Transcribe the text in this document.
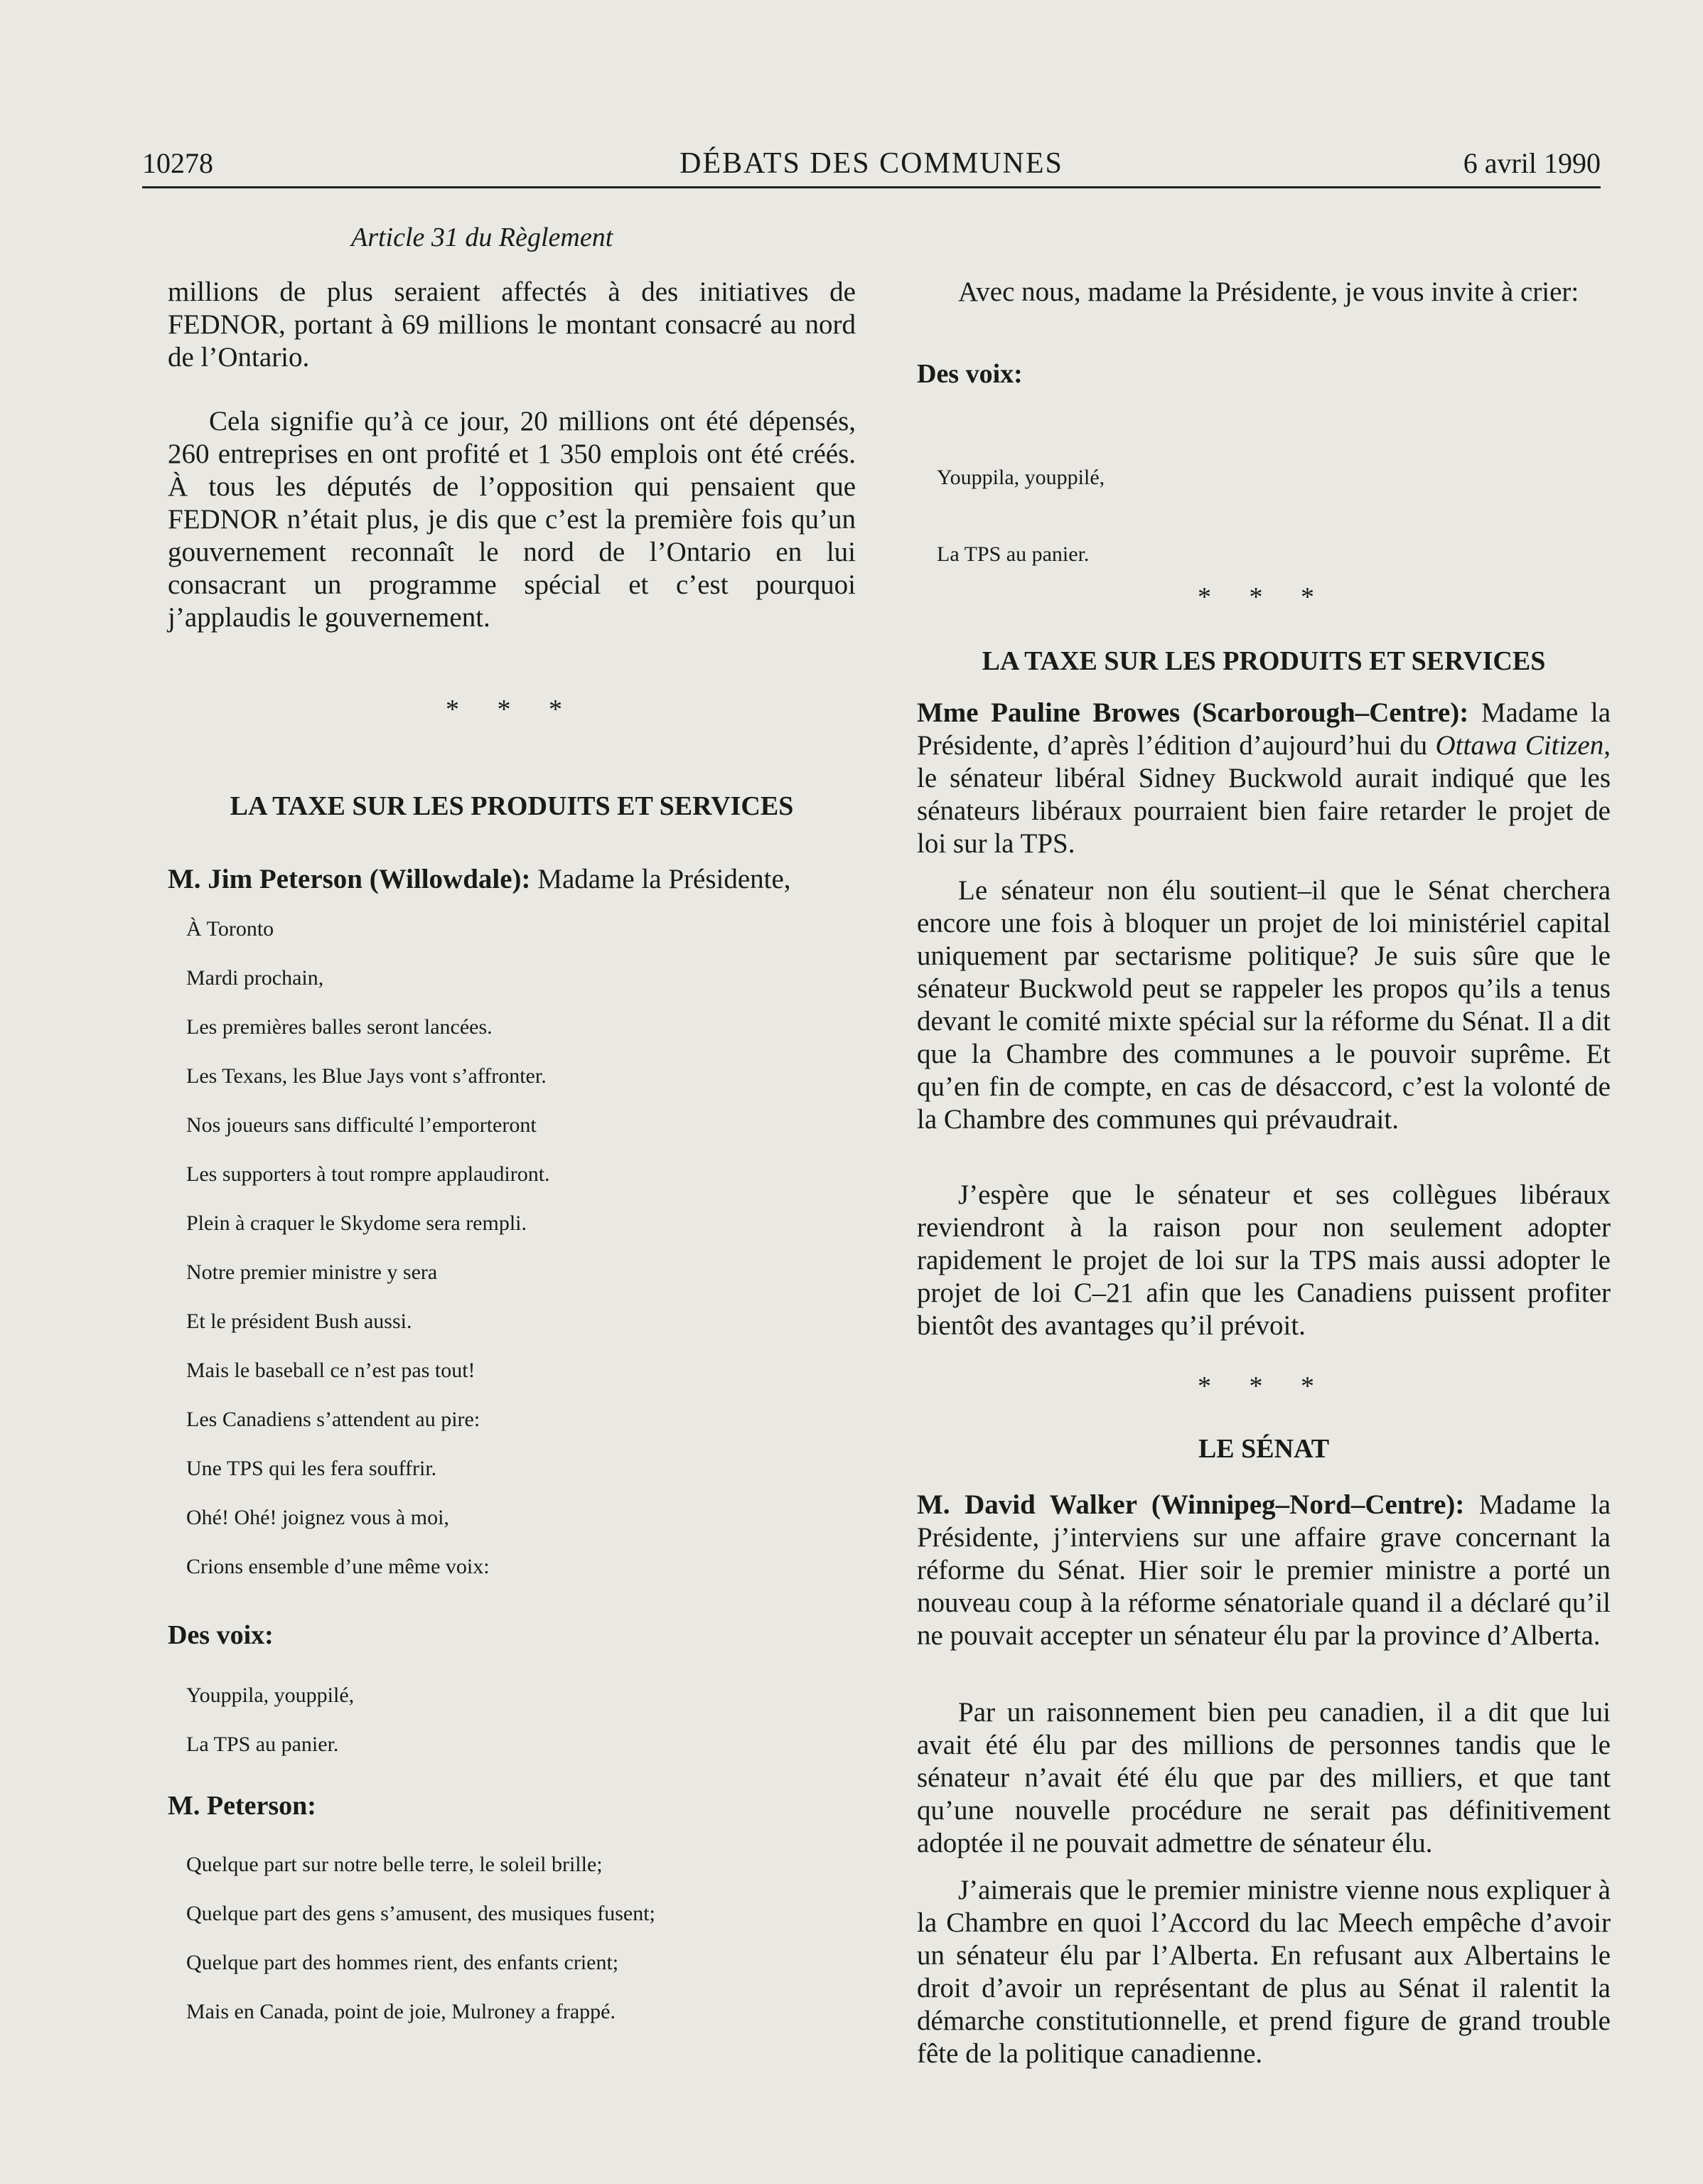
10278	DÉBATS DES COMMUNES	6 avril 1990
Article 31 du Règlement

millions de plus seraient affectés à des initiatives de FEDNOR, portant à 69 millions le montant consacré au nord de l’Ontario.

Cela signifie qu’à ce jour, 20 millions ont été dépensés, 260 entreprises en ont profité et 1 350 emplois ont été créés. À tous les députés de l’opposition qui pensaient que FEDNOR n’était plus, je dis que c’est la première fois qu’un gouvernement reconnaît le nord de l’Ontario en lui consacrant un programme spécial et c’est pourquoi j’applaudis le gouvernement.

* * *
LA TAXE SUR LES PRODUITS ET SERVICES
M. Jim Peterson (Willowdale): Madame la Présidente,
À Toronto
Mardi prochain,
Les premières balles seront lancées.
Les Texans, les Blue Jays vont s’affronter.
Nos joueurs sans difficulté l’emporteront
Les supporters à tout rompre applaudiront.
Plein à craquer le Skydome sera rempli.
Notre premier ministre y sera
Et le président Bush aussi.
Mais le baseball ce n’est pas tout!
Les Canadiens s’attendent au pire:
Une TPS qui les fera souffrir.
Ohé! Ohé! joignez vous à moi,
Crions ensemble d’une même voix:
Des voix:
Youppila, youppilé,
La TPS au panier.
M. Peterson:
Quelque part sur notre belle terre, le soleil brille;
Quelque part des gens s’amusent, des musiques fusent;
Quelque part des hommes rient, des enfants crient;
Mais en Canada, point de joie, Mulroney a frappé.

Avec nous, madame la Présidente, je vous invite à crier:

Des voix:
Youppila, youppilé,
La TPS au panier.
* * *
LA TAXE SUR LES PRODUITS ET SERVICES

Mme Pauline Browes (Scarborough–Centre): Madame la Présidente, d’après l’édition d’aujourd’hui du Ottawa Citizen, le sénateur libéral Sidney Buckwold aurait indiqué que les sénateurs libéraux pourraient bien faire retarder le projet de loi sur la TPS.

Le sénateur non élu soutient–il que le Sénat cherchera encore une fois à bloquer un projet de loi ministériel capital uniquement par sectarisme politique? Je suis sûre que le sénateur Buckwold peut se rappeler les propos qu’ils a tenus devant le comité mixte spécial sur la réforme du Sénat. Il a dit que la Chambre des communes a le pouvoir suprême. Et qu’en fin de compte, en cas de désaccord, c’est la volonté de la Chambre des communes qui prévaudrait.

J’espère que le sénateur et ses collègues libéraux reviendront à la raison pour non seulement adopter rapidement le projet de loi sur la TPS mais aussi adopter le projet de loi C–21 afin que les Canadiens puissent profiter bientôt des avantages qu’il prévoit.

* * *
LE SÉNAT

M. David Walker (Winnipeg–Nord–Centre): Madame la Présidente, j’interviens sur une affaire grave concernant la réforme du Sénat. Hier soir le premier ministre a porté un nouveau coup à la réforme sénatoriale quand il a déclaré qu’il ne pouvait accepter un sénateur élu par la province d’Alberta.

Par un raisonnement bien peu canadien, il a dit que lui avait été élu par des millions de personnes tandis que le sénateur n’avait été élu que par des milliers, et que tant qu’une nouvelle procédure ne serait pas définitivement adoptée il ne pouvait admettre de sénateur élu.

J’aimerais que le premier ministre vienne nous expliquer à la Chambre en quoi l’Accord du lac Meech empêche d’avoir un sénateur élu par l’Alberta. En refusant aux Albertains le droit d’avoir un représentant de plus au Sénat il ralentit la démarche constitutionnelle, et prend figure de grand trouble fête de la politique canadienne.
